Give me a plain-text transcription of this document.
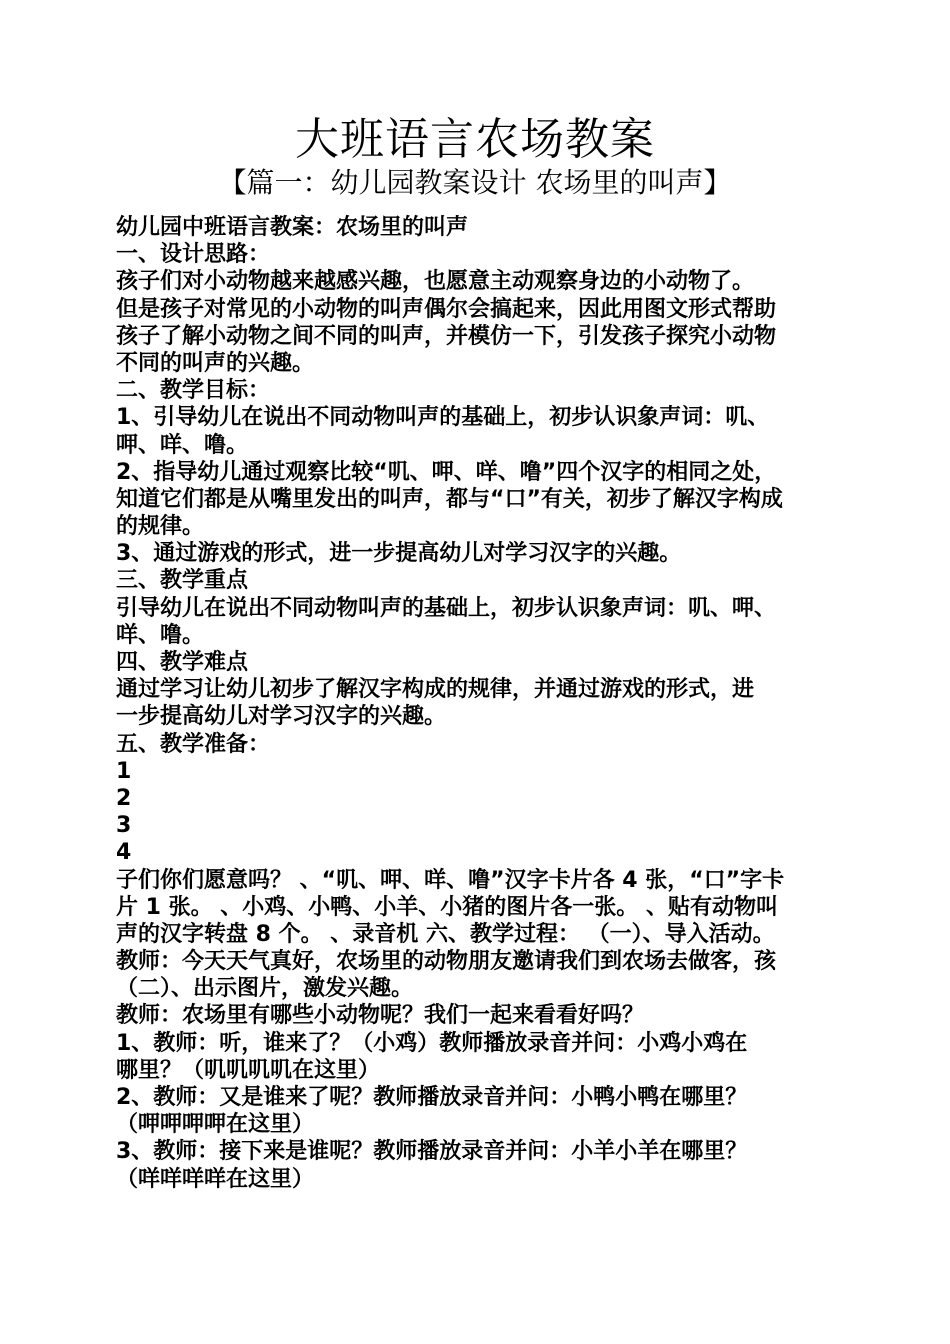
大班语言农场教案
【篇一：幼儿园教案设计 农场里的叫声】
幼儿园中班语言教案：农场里的叫声
一、设计思路：
孩子们对小动物越来越感兴趣，也愿意主动观察身边的小动物了。
但是孩子对常见的小动物的叫声偶尔会搞起来，因此用图文形式帮助
孩子了解小动物之间不同的叫声，并模仿一下，引发孩子探究小动物
不同的叫声的兴趣。
二、教学目标：
1、引导幼儿在说出不同动物叫声的基础上，初步认识象声词：叽、
呷、咩、噜。
2、指导幼儿通过观察比较“叽、呷、咩、噜”四个汉字的相同之处，
知道它们都是从嘴里发出的叫声，都与“口”有关，初步了解汉字构成
的规律。
3、通过游戏的形式，进一步提高幼儿对学习汉字的兴趣。
三、教学重点
引导幼儿在说出不同动物叫声的基础上，初步认识象声词：叽、呷、
咩、噜。
四、教学难点
通过学习让幼儿初步了解汉字构成的规律，并通过游戏的形式，进
一步提高幼儿对学习汉字的兴趣。
五、教学准备：
1
2
3
4
子们你们愿意吗？ 、“叽、呷、咩、噜”汉字卡片各 4 张，“口”字卡
片 1 张。 、小鸡、小鸭、小羊、小猪的图片各一张。 、贴有动物叫
声的汉字转盘 8 个。 、录音机 六、教学过程： （一）、导入活动。
教师：今天天气真好，农场里的动物朋友邀请我们到农场去做客，孩
（二）、出示图片，激发兴趣。
教师：农场里有哪些小动物呢？我们一起来看看好吗？
1、教师：听，谁来了？（小鸡）教师播放录音并问：小鸡小鸡在
哪里？（叽叽叽叽在这里）
2、教师：又是谁来了呢？教师播放录音并问：小鸭小鸭在哪里？
（呷呷呷呷在这里）
3、教师：接下来是谁呢？教师播放录音并问：小羊小羊在哪里？
（咩咩咩咩在这里）
